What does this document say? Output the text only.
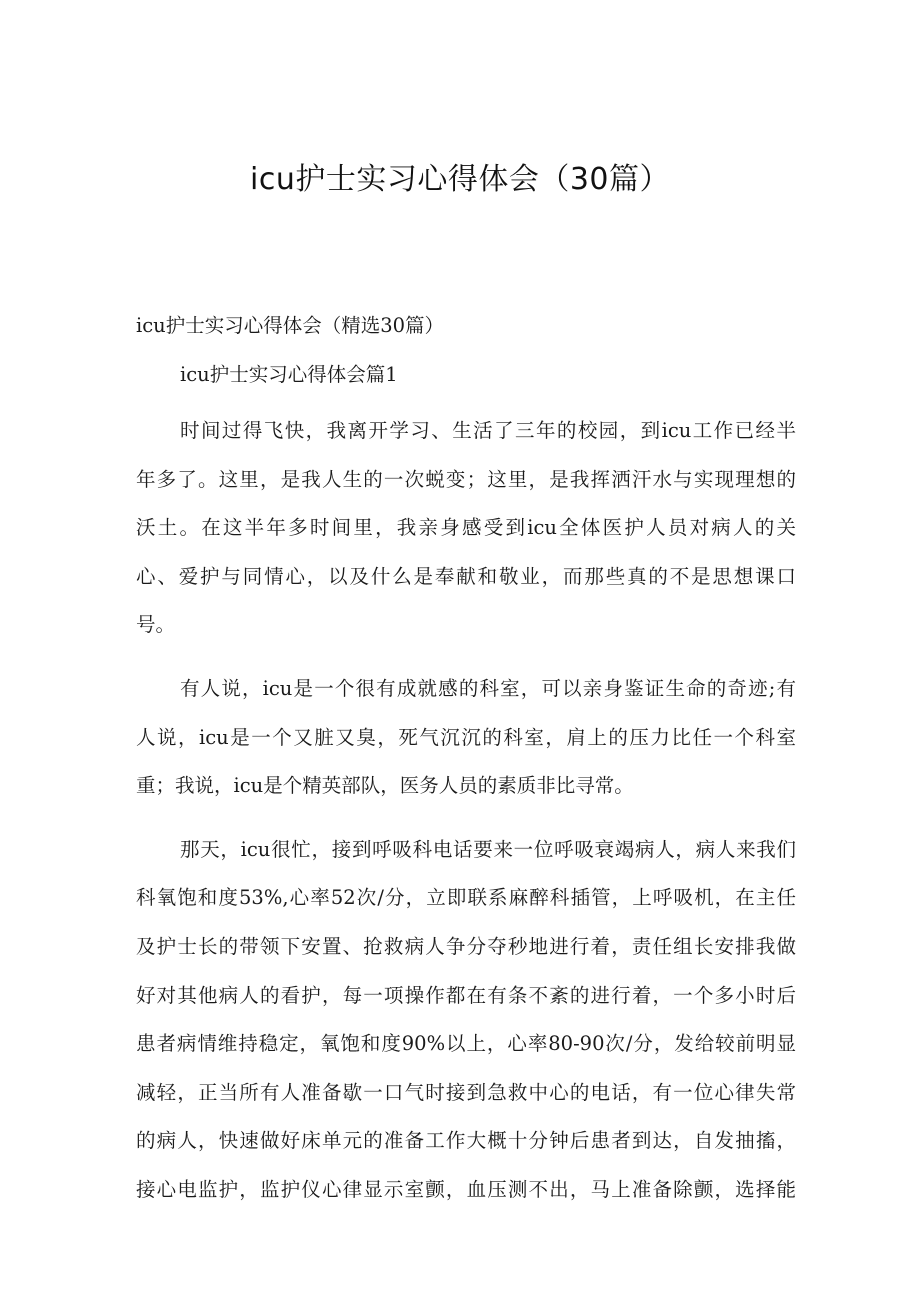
icu护士实习心得体会（30篇）

icu护士实习心得体会（精选30篇）

icu护士实习心得体会篇1

时间过得飞快，我离开学习、生活了三年的校园，到icu工作已经半
年多了。这里，是我人生的一次蜕变；这里，是我挥洒汗水与实现理想的
沃土。在这半年多时间里，我亲身感受到icu全体医护人员对病人的关
心、爱护与同情心，以及什么是奉献和敬业，而那些真的不是思想课口
号。
有人说，icu是一个很有成就感的科室，可以亲身鉴证生命的奇迹;有
人说，icu是一个又脏又臭，死气沉沉的科室，肩上的压力比任一个科室
重；我说，icu是个精英部队，医务人员的素质非比寻常。
那天，icu很忙，接到呼吸科电话要来一位呼吸衰竭病人，病人来我们
科氧饱和度53%,心率52次/分，立即联系麻醉科插管，上呼吸机，在主任
及护士长的带领下安置、抢救病人争分夺秒地进行着，责任组长安排我做
好对其他病人的看护，每一项操作都在有条不紊的进行着，一个多小时后
患者病情维持稳定，氧饱和度90%以上，心率80-90次/分，发给较前明显
减轻，正当所有人准备歇一口气时接到急救中心的电话，有一位心律失常
的病人，快速做好床单元的准备工作大概十分钟后患者到达，自发抽搐，
接心电监护，监护仪心律显示室颤，血压测不出，马上准备除颤，选择能
